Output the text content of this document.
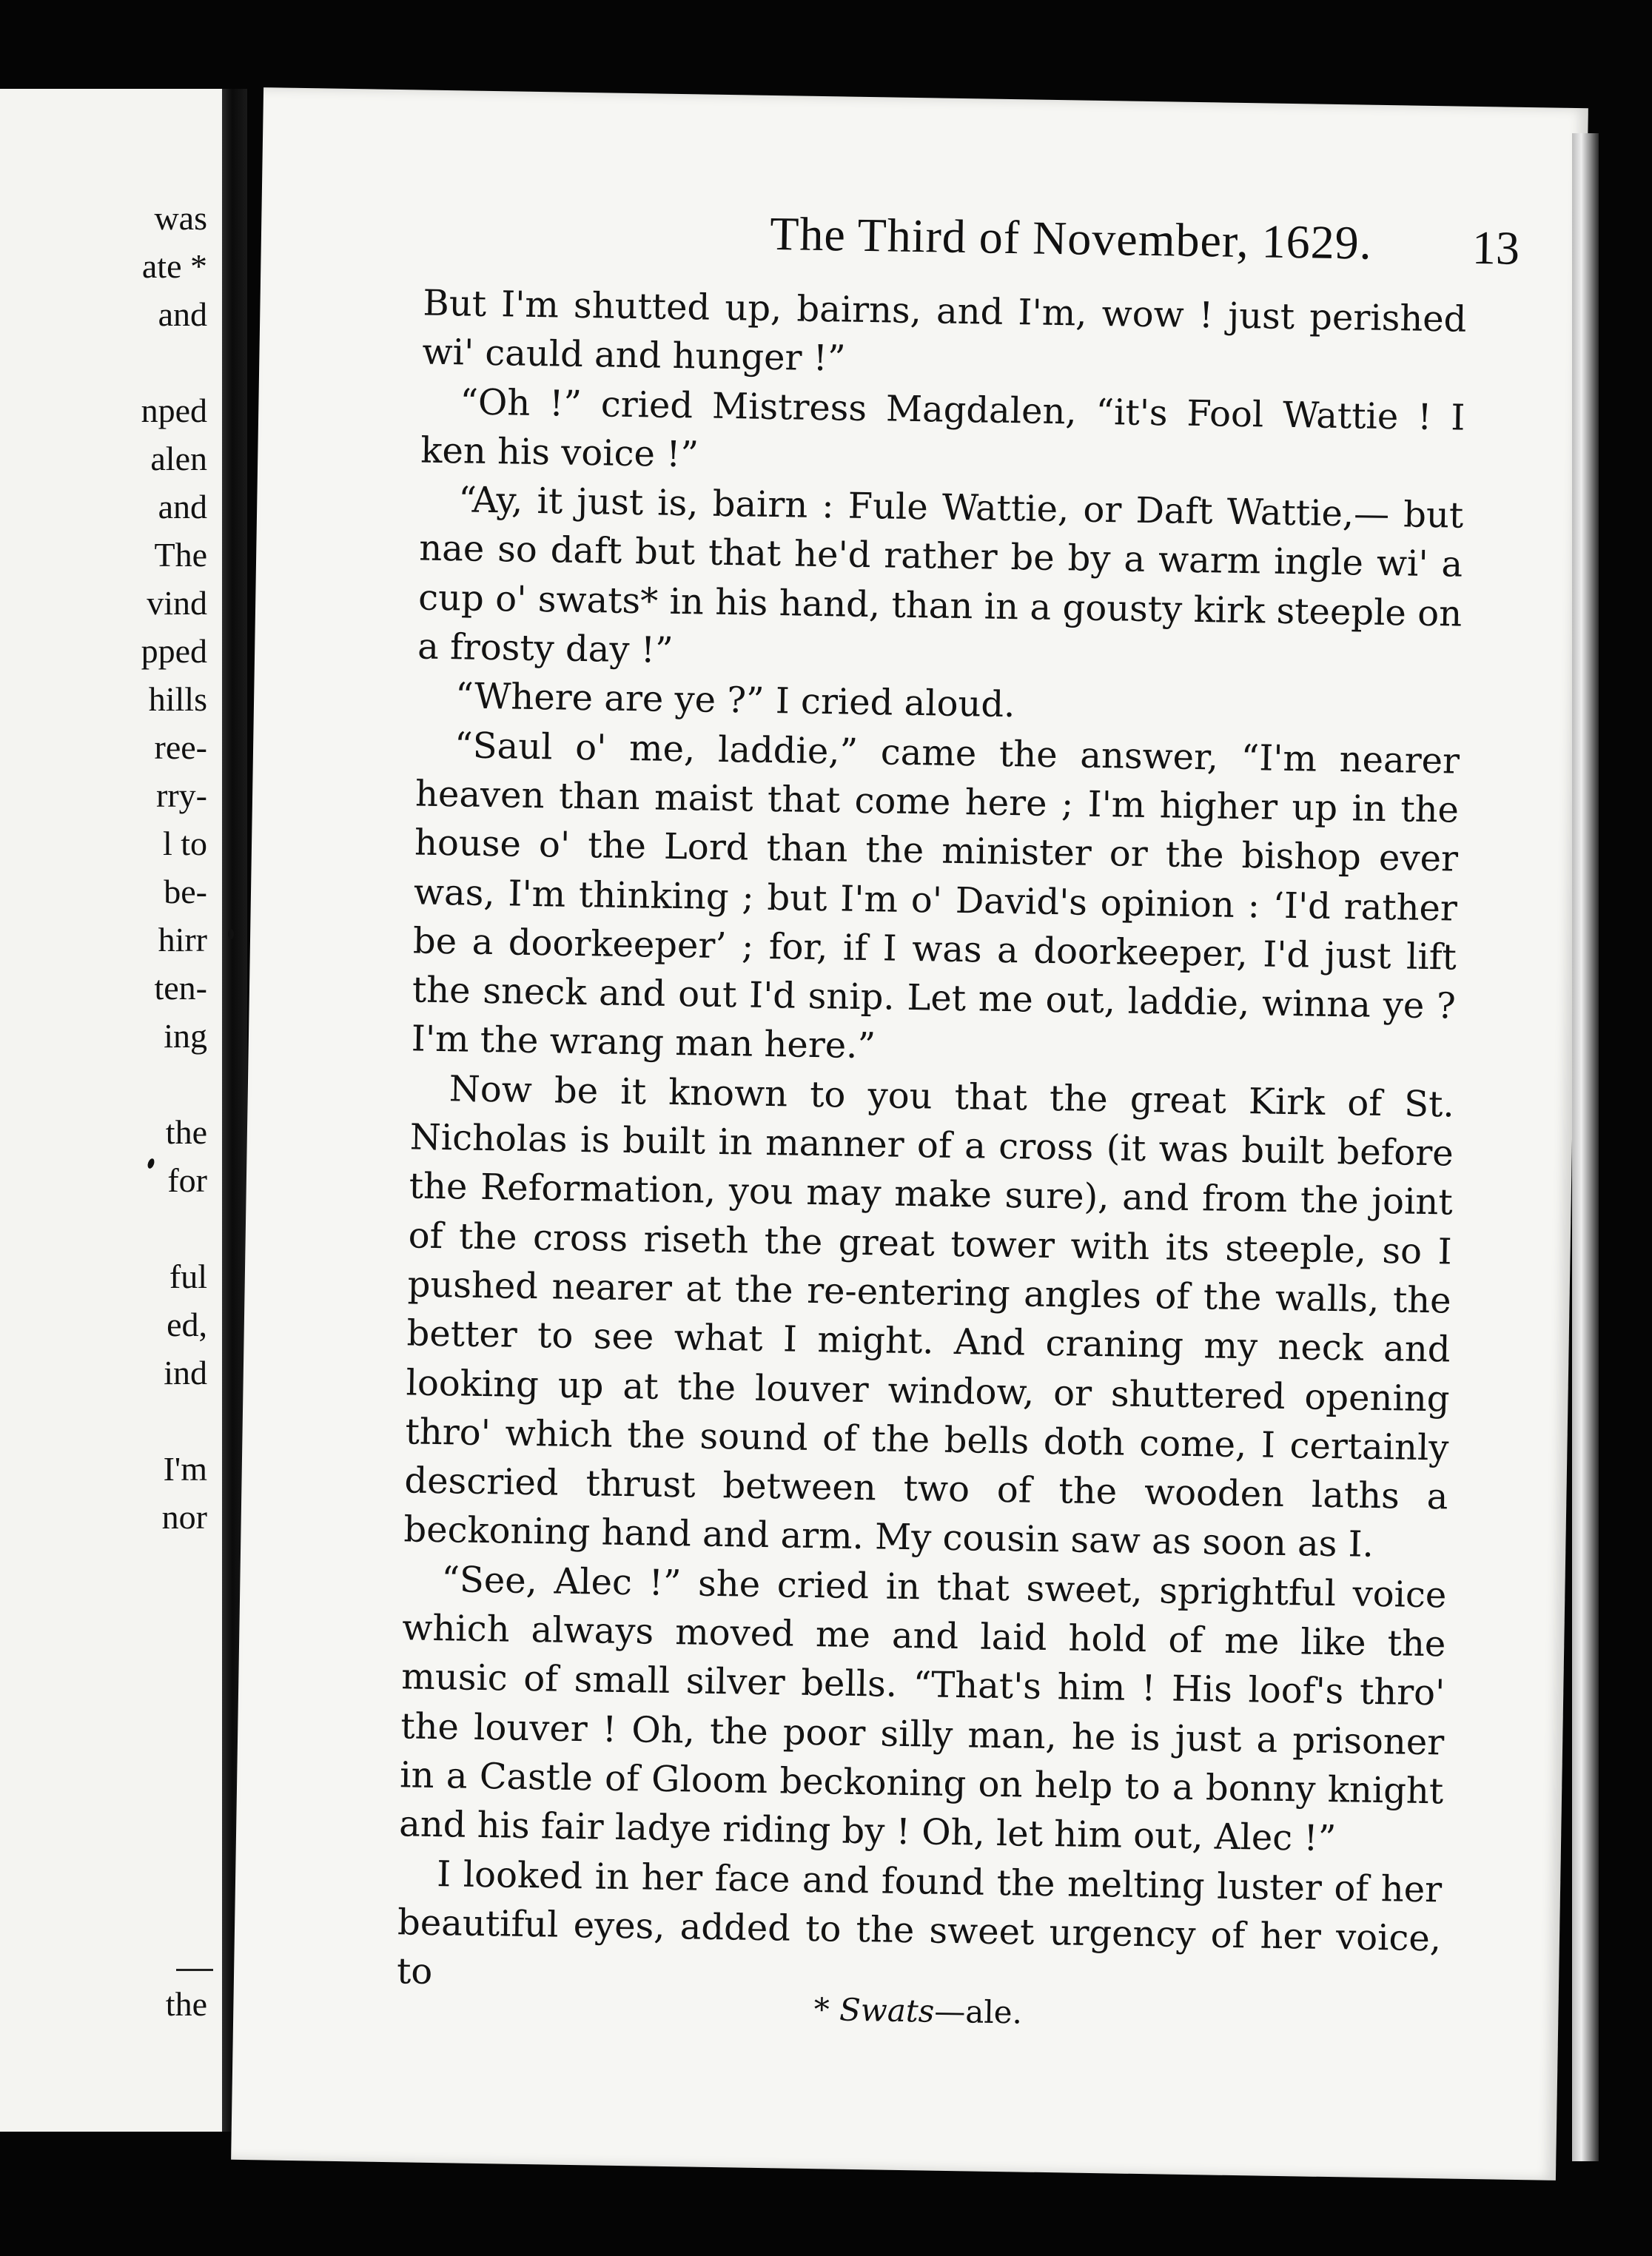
was
ate *
and
nped
alen
and
The
vind
pped
hills
ree-
rry-
l to
be-
hirr
ten-
ing
the
for
ful
ed,
ind
I'm
nor
the
The Third of November, 1629.	13

But I'm shutted up, bairns, and I'm, wow ! just perished wi' cauld and hunger !”

“Oh !” cried Mistress Magdalen, “it's Fool Wattie ! I ken his voice !”

“Ay, it just is, bairn : Fule Wattie, or Daft Wattie,— but nae so daft but that he'd rather be by a warm ingle wi' a cup o' swats* in his hand, than in a gousty kirk steeple on a frosty day !”

“Where are ye ?” I cried aloud.

“Saul o' me, laddie,” came the answer, “I'm nearer heaven than maist that come here ; I'm higher up in the house o' the Lord than the minister or the bishop ever was, I'm thinking ; but I'm o' David's opinion : ‘I'd rather be a doorkeeper’ ; for, if I was a doorkeeper, I'd just lift the sneck and out I'd snip. Let me out, laddie, winna ye ? I'm the wrang man here.”

Now be it known to you that the great Kirk of St. Nicholas is built in manner of a cross (it was built before the Reformation, you may make sure), and from the joint of the cross riseth the great tower with its steeple, so I pushed nearer at the re-entering angles of the walls, the better to see what I might. And craning my neck and looking up at the louver window, or shuttered opening thro' which the sound of the bells doth come, I certainly descried thrust between two of the wooden laths a beckoning hand and arm. My cousin saw as soon as I.

“See, Alec !” she cried in that sweet, sprightful voice which always moved me and laid hold of me like the music of small silver bells. “That's him ! His loof's thro' the louver ! Oh, the poor silly man, he is just a prisoner in a Castle of Gloom beckoning on help to a bonny knight and his fair ladye riding by ! Oh, let him out, Alec !”

I looked in her face and found the melting luster of her beautiful eyes, added to the sweet urgency of her voice, to

* Swats—ale.
